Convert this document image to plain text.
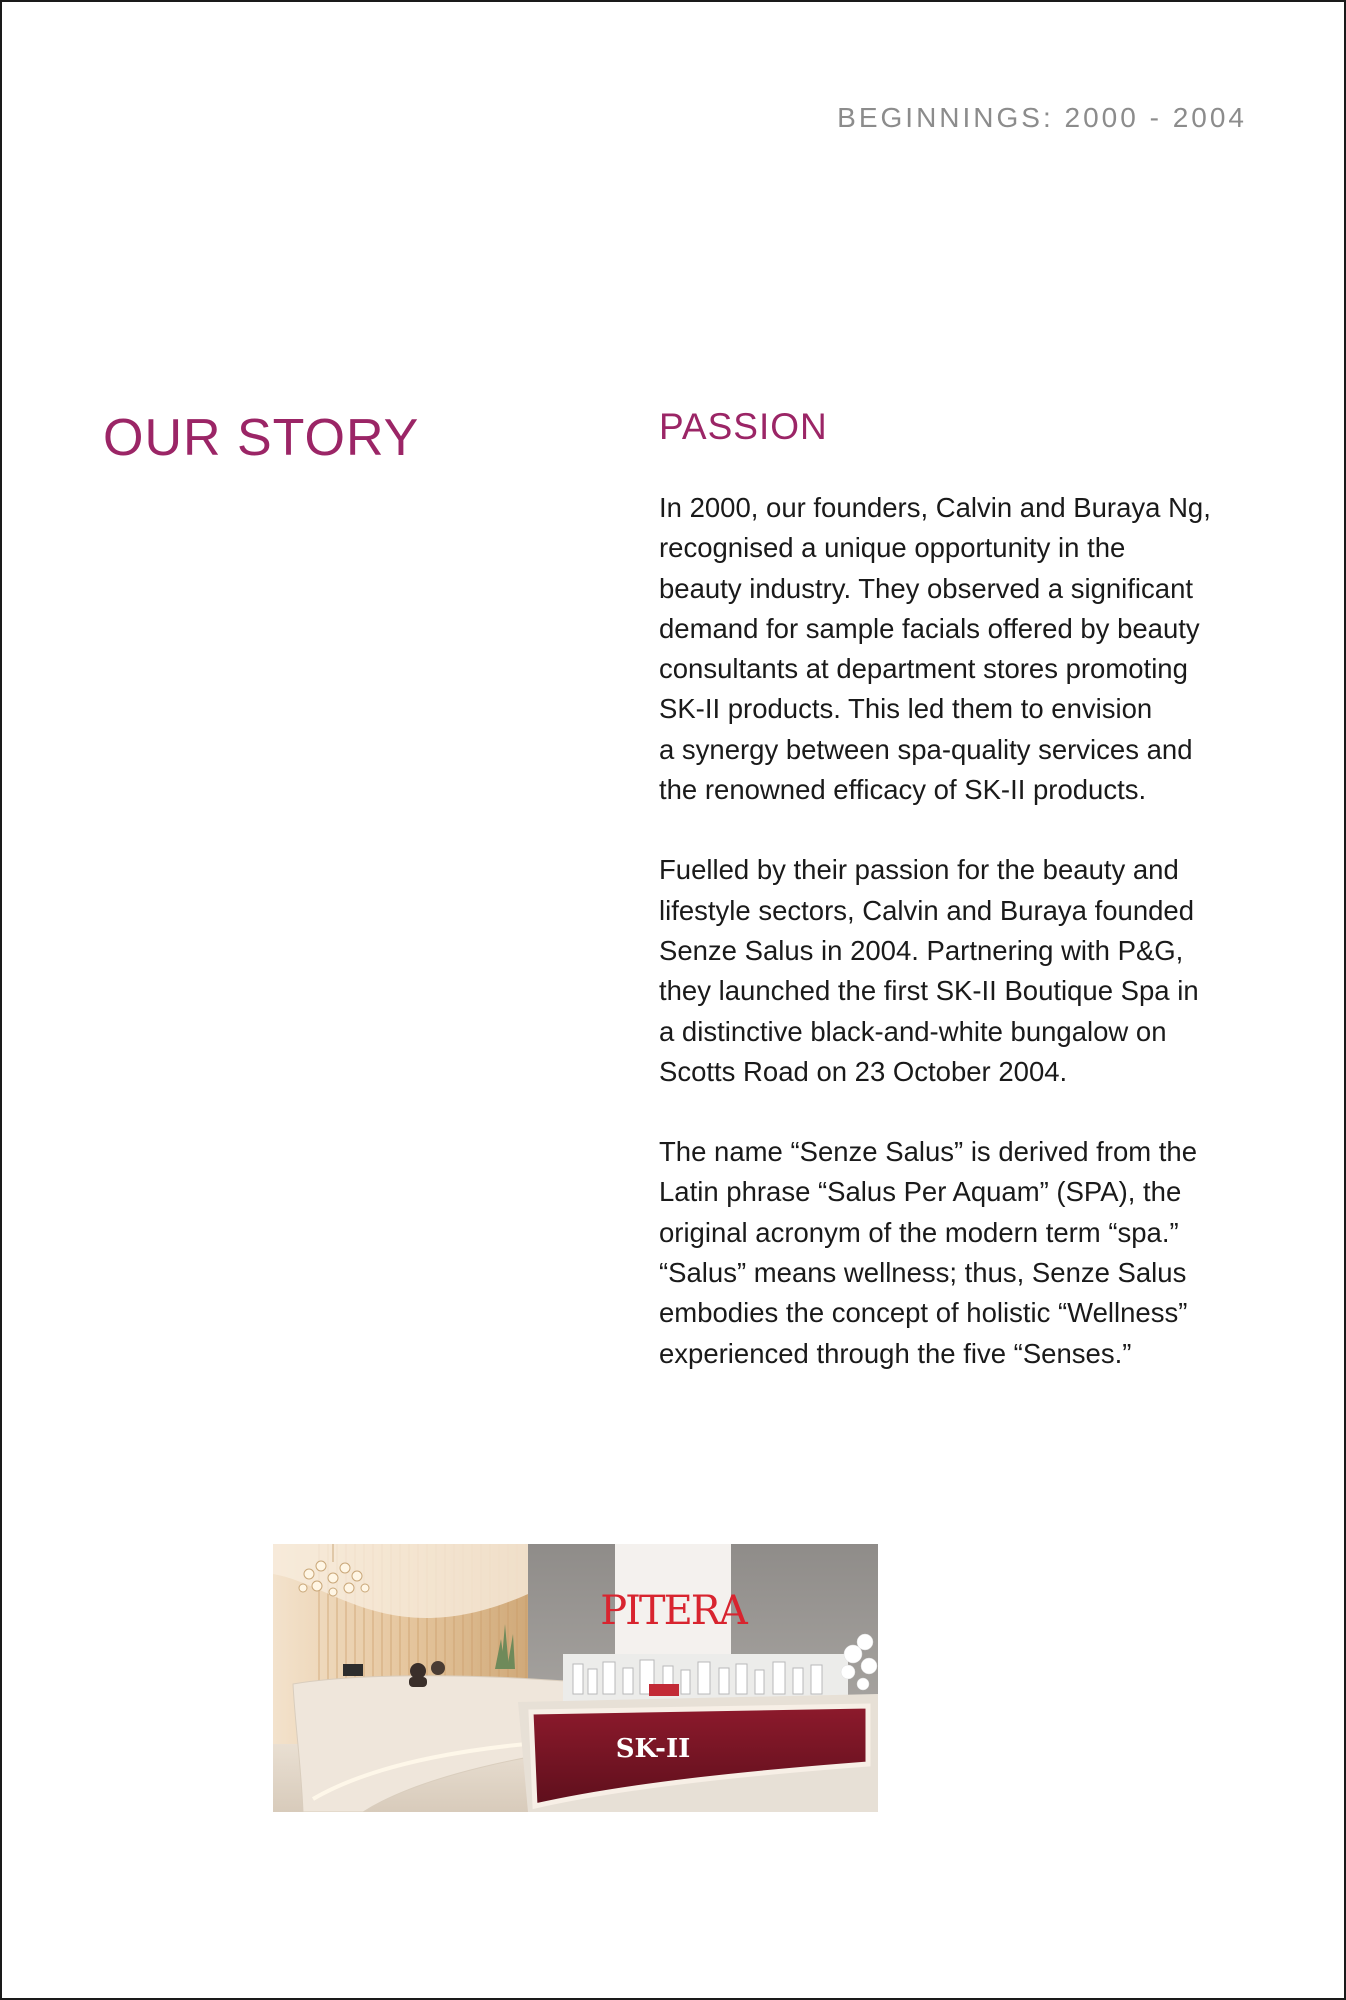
BEGINNINGS: 2000 - 2004
OUR STORY	PASSION

In 2000, our founders, Calvin and Buraya Ng,
recognised a unique opportunity in the
beauty industry. They observed a significant
demand for sample facials offered by beauty
consultants at department stores promoting
SK-II products. This led them to envision
a synergy between spa-quality services and
the renowned efficacy of SK-II products.

Fuelled by their passion for the beauty and
lifestyle sectors, Calvin and Buraya founded
Senze Salus in 2004. Partnering with P&G,
they launched the first SK-II Boutique Spa in
a distinctive black-and-white bungalow on
Scotts Road on 23 October 2004.

The name “Senze Salus” is derived from the
Latin phrase “Salus Per Aquam” (SPA), the
original acronym of the modern term “spa.”
“Salus” means wellness; thus, Senze Salus
embodies the concept of holistic “Wellness”
experienced through the five “Senses.”

PITERA
SK-II
